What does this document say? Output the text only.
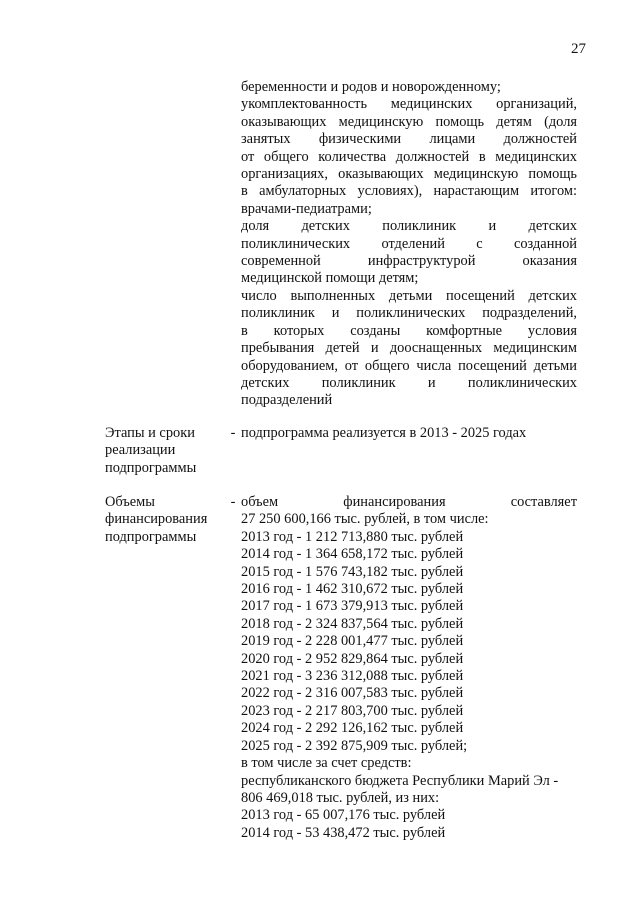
27
беременности и родов и новорожденному;
укомплектованность медицинских организаций,
оказывающих медицинскую помощь детям (доля
занятых физическими лицами должностей
от общего количества должностей в медицинских
организациях, оказывающих медицинскую помощь
в амбулаторных условиях), нарастающим итогом:
врачами-педиатрами;
доля детских поликлиник и детских
поликлинических отделений с созданной
современной инфраструктурой оказания
медицинской помощи детям;
число выполненных детьми посещений детских
поликлиник и поликлинических подразделений,
в которых созданы комфортные условия
пребывания детей и дооснащенных медицинским
оборудованием, от общего числа посещений детьми
детских поликлиник и поликлинических
подразделений
Этапы и сроки
реализации
подпрограммы
- подпрограмма реализуется в 2013 - 2025 годах
Объемы
финансирования
подпрограммы
- объем	финансирования	составляет
27 250 600,166 тыс. рублей, в том числе:
2013 год - 1 212 713,880 тыс. рублей
2014 год - 1 364 658,172 тыс. рублей
2015 год - 1 576 743,182 тыс. рублей
2016 год - 1 462 310,672 тыс. рублей
2017 год - 1 673 379,913 тыс. рублей
2018 год - 2 324 837,564 тыс. рублей
2019 год - 2 228 001,477 тыс. рублей
2020 год - 2 952 829,864 тыс. рублей
2021 год - 3 236 312,088 тыс. рублей
2022 год - 2 316 007,583 тыс. рублей
2023 год - 2 217 803,700 тыс. рублей
2024 год - 2 292 126,162 тыс. рублей
2025 год - 2 392 875,909 тыс. рублей;
в том числе за счет средств:
республиканского бюджета Республики Марий Эл -
806 469,018 тыс. рублей, из них:
2013 год - 65 007,176 тыс. рублей
2014 год - 53 438,472 тыс. рублей
